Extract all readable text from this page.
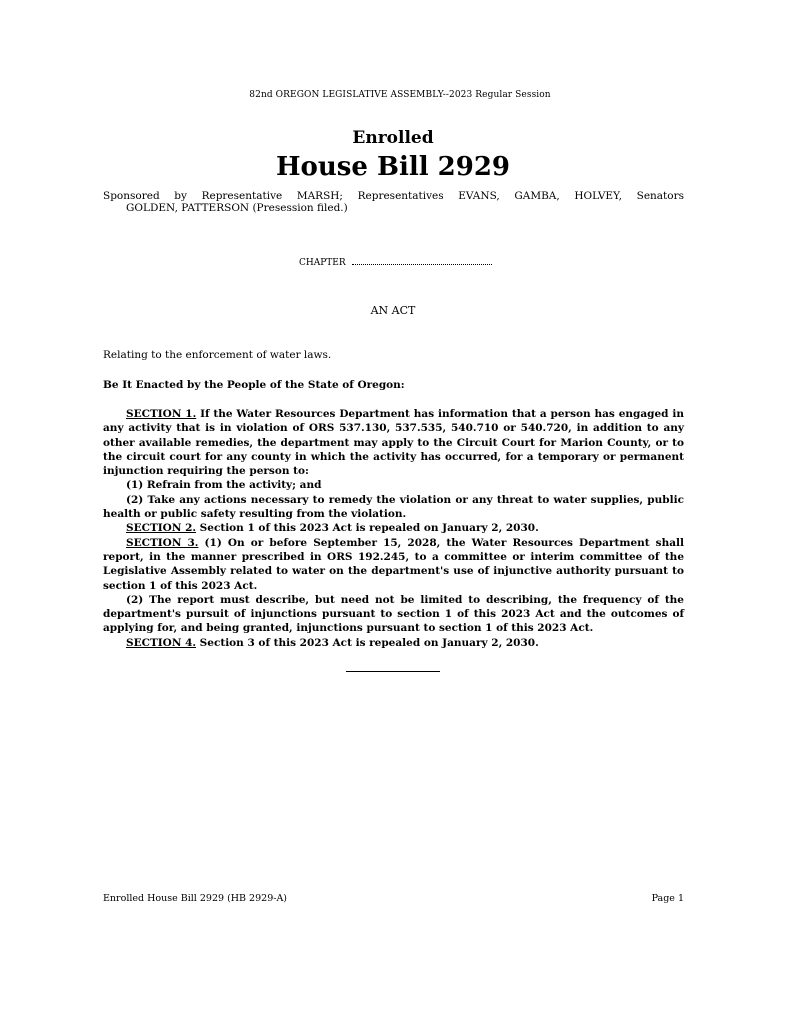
82nd OREGON LEGISLATIVE ASSEMBLY--2023 Regular Session
Enrolled
House Bill 2929
Sponsored by Representative MARSH; Representatives EVANS, GAMBA, HOLVEY, Senators
GOLDEN, PATTERSON (Presession filed.)
CHAPTER
AN ACT
Relating to the enforcement of water laws.
Be It Enacted by the People of the State of Oregon:

SECTION 1. If the Water Resources Department has information that a person has engaged in any activity that is in violation of ORS 537.130, 537.535, 540.710 or 540.720, in addition to any other available remedies, the department may apply to the Circuit Court for Marion County, or to the circuit court for any county in which the activity has occurred, for a temporary or permanent injunction requiring the person to:

(1) Refrain from the activity; and

(2) Take any actions necessary to remedy the violation or any threat to water supplies, public health or public safety resulting from the violation.

SECTION 2. Section 1 of this 2023 Act is repealed on January 2, 2030.

SECTION 3. (1) On or before September 15, 2028, the Water Resources Department shall report, in the manner prescribed in ORS 192.245, to a committee or interim committee of the Legislative Assembly related to water on the department's use of injunctive authority pursuant to section 1 of this 2023 Act.

(2) The report must describe, but need not be limited to describing, the frequency of the department's pursuit of injunctions pursuant to section 1 of this 2023 Act and the outcomes of applying for, and being granted, injunctions pursuant to section 1 of this 2023 Act.

SECTION 4. Section 3 of this 2023 Act is repealed on January 2, 2030.

Enrolled House Bill 2929 (HB 2929-A)	Page 1
